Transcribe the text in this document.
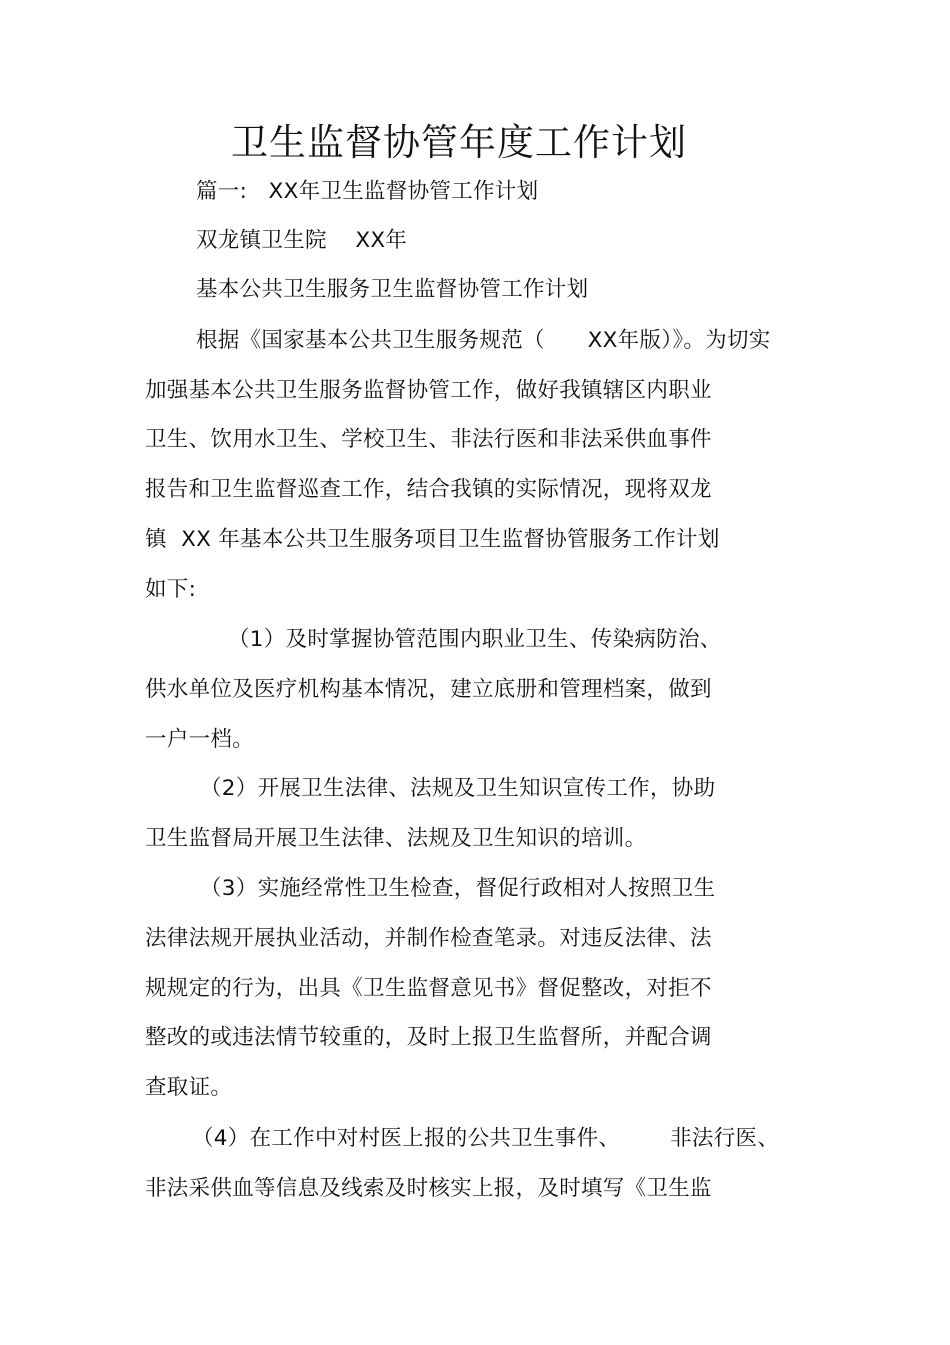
卫生监督协管年度工作计划
篇一:   XX年卫生监督协管工作计划
双龙镇卫生院    XX年
基本公共卫生服务卫生监督协管工作计划
根据《国家基本公共卫生服务规范（      XX年版）》。为切实
加强基本公共卫生服务监督协管工作，做好我镇辖区内职业
卫生、饮用水卫生、学校卫生、非法行医和非法采供血事件
报告和卫生监督巡查工作，结合我镇的实际情况，现将双龙
镇  XX 年基本公共卫生服务项目卫生监督协管服务工作计划
如下:
（1）及时掌握协管范围内职业卫生、传染病防治、
供水单位及医疗机构基本情况，建立底册和管理档案，做到
一户一档。
（2）开展卫生法律、法规及卫生知识宣传工作，协助
卫生监督局开展卫生法律、法规及卫生知识的培训。
（3）实施经常性卫生检查，督促行政相对人按照卫生
法律法规开展执业活动，并制作检查笔录。对违反法律、法
规规定的行为，出具《卫生监督意见书》督促整改，对拒不
整改的或违法情节较重的，及时上报卫生监督所，并配合调
查取证。
（4）在工作中对村医上报的公共卫生事件、       非法行医、
非法采供血等信息及线索及时核实上报，及时填写《卫生监
